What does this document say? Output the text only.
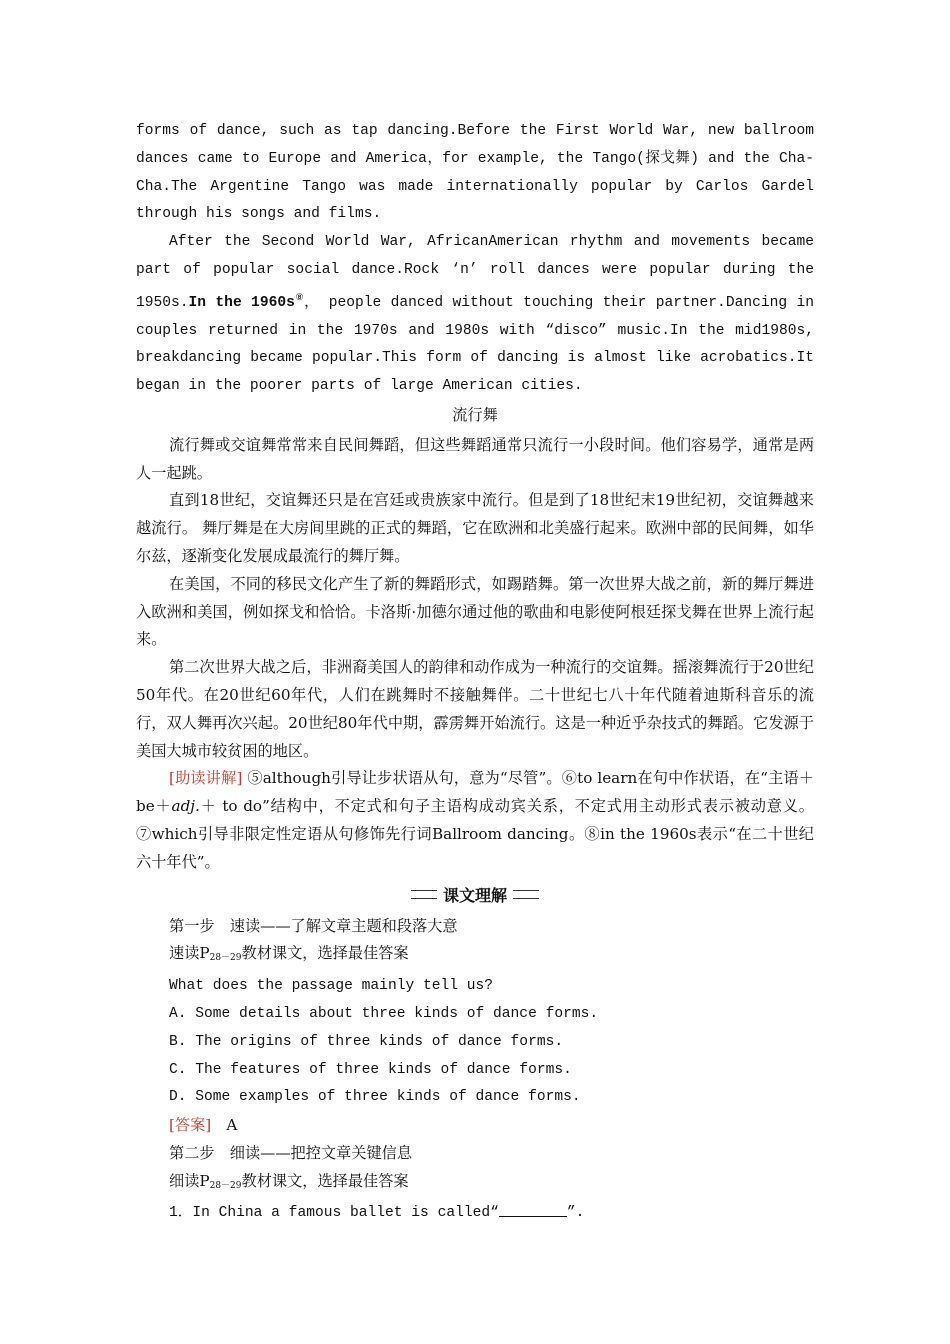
forms of dance, such as tap dancing.Before the First World War, new ballroom dances came to Europe and America，for example, the Tango(探戈舞) and the Cha-Cha.The Argentine Tango was made internationally popular by Carlos Gardel through his songs and films.

After the Second World War, AfricanAmerican rhythm and movements became part of popular social dance.Rock ‘n’ roll dances were popular during the 1950s.In the 1960s⑧， people danced without touching their partner.Dancing in couples returned in the 1970s and 1980s with “disco” music.In the mid1980s, breakdancing became popular.This form of dancing is almost like acrobatics.It began in the poorer parts of large American cities.

流行舞

流行舞或交谊舞常常来自民间舞蹈，但这些舞蹈通常只流行一小段时间。他们容易学，通常是两人一起跳。

直到18世纪，交谊舞还只是在宫廷或贵族家中流行。但是到了18世纪末19世纪初，交谊舞越来越流行。 舞厅舞是在大房间里跳的正式的舞蹈，它在欧洲和北美盛行起来。欧洲中部的民间舞，如华尔兹，逐渐变化发展成最流行的舞厅舞。

在美国，不同的移民文化产生了新的舞蹈形式，如踢踏舞。第一次世界大战之前，新的舞厅舞进入欧洲和美国，例如探戈和恰恰。卡洛斯·加德尔通过他的歌曲和电影使阿根廷探戈舞在世界上流行起来。

第二次世界大战之后，非洲裔美国人的韵律和动作成为一种流行的交谊舞。摇滚舞流行于20世纪50年代。在20世纪60年代，人们在跳舞时不接触舞伴。二十世纪七八十年代随着迪斯科音乐的流行，双人舞再次兴起。20世纪80年代中期，霹雳舞开始流行。这是一种近乎杂技式的舞蹈。它发源于美国大城市较贫困的地区。

[助读讲解] ⑤although引导让步状语从句，意为“尽管”。⑥to learn在句中作状语，在“主语＋be＋adj.＋ to do”结构中，不定式和句子主语构成动宾关系，不定式用主动形式表示被动意义。⑦which引导非限定性定语从句修饰先行词Ballroom dancing。⑧in the 1960s表示“在二十世纪六十年代”。

课文理解

第一步　速读——了解文章主题和段落大意

速读$P_{28-29}$教材课文，选择最佳答案

What does the passage mainly tell us?

A. Some details about three kinds of dance forms.

B. The origins of three kinds of dance forms.

C. The features of three kinds of dance forms.

D. Some examples of three kinds of dance forms.

[答案]　A

第二步　细读——把控文章关键信息

细读$P_{28-29}$教材课文，选择最佳答案

1．In China a famous ballet is called“	”.
